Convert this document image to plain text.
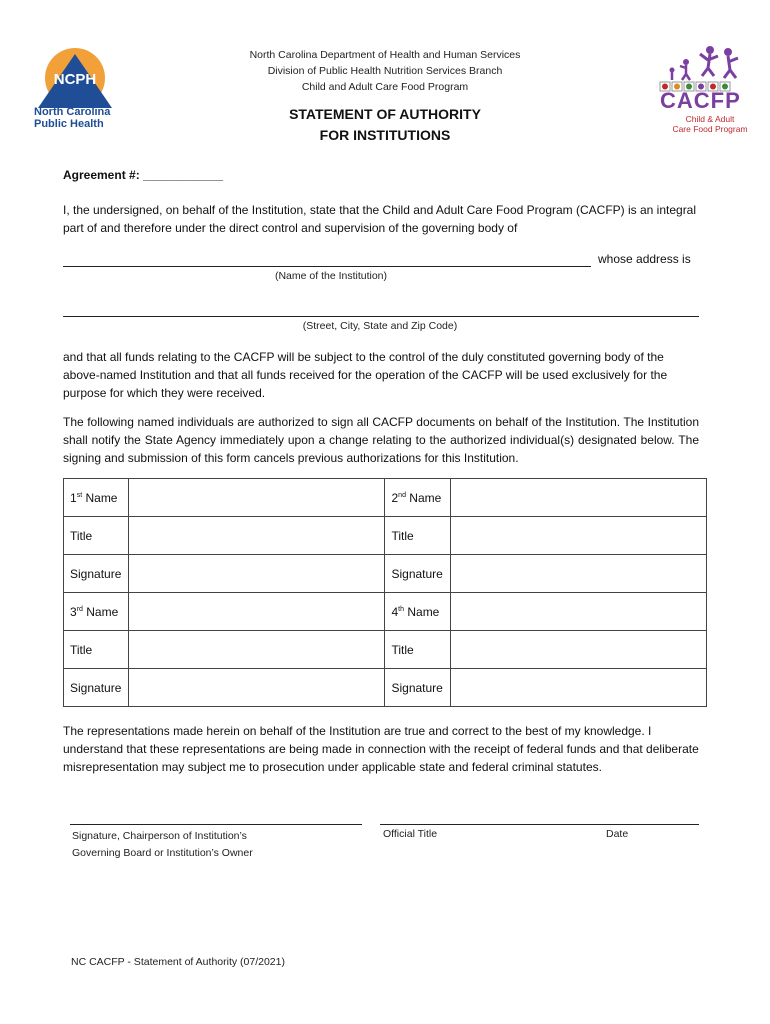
NCPH
North Carolina
Public Health
CACFP
Child & Adult
Care Food Program
North Carolina Department of Health and Human Services
Division of Public Health Nutrition Services Branch
Child and Adult Care Food Program
STATEMENT OF AUTHORITY
FOR INSTITUTIONS
Agreement #: ____________
I, the undersigned, on behalf of the Institution, state that the Child and Adult Care Food Program (CACFP) is an integral part of and therefore under the direct control and supervision of the governing body of
whose address is
(Name of the Institution)
(Street, City, State and Zip Code)
and that all funds relating to the CACFP will be subject to the control of the duly constituted governing body of the above-named Institution and that all funds received for the operation of the CACFP will be used exclusively for the purpose for which they were received.
The following named individuals are authorized to sign all CACFP documents on behalf of the Institution. The Institution shall notify the State Agency immediately upon a change relating to the authorized individual(s) designated below. The signing and submission of this form cancels previous authorizations for this Institution.
1st Name		2nd Name	
Title		Title	
Signature		Signature	
3rd Name		4th Name	
Title		Title	
Signature		Signature	
The representations made herein on behalf of the Institution are true and correct to the best of my knowledge. I understand that these representations are being made in connection with the receipt of federal funds and that deliberate misrepresentation may subject me to prosecution under applicable state and federal criminal statutes.
Signature, Chairperson of Institution’s
Governing Board or Institution’s Owner
Official Title	Date
NC CACFP - Statement of Authority (07/2021)
